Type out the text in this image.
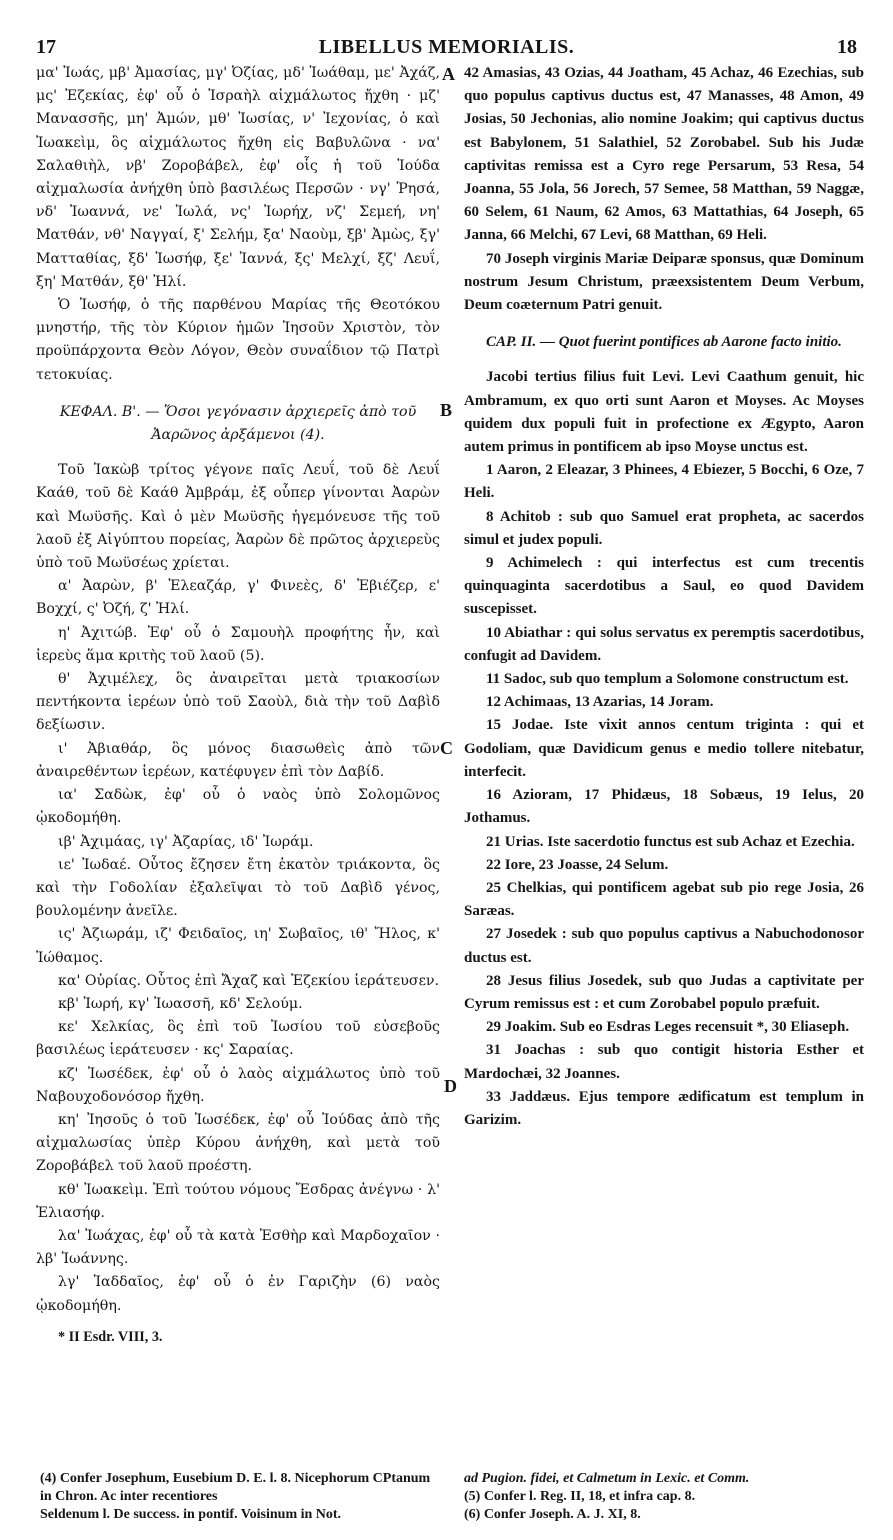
17	LIBELLUS MEMORIALIS.	18
A
B
C
D

μα' Ἰωάς, μβ' Ἀμασίας, μγ' Ὀζίας, μδ' Ἰωάθαμ, με' Ἀχάζ, μς' Ἐζεκίας, ἐφ' οὗ ὁ Ἰσραὴλ αἰχμάλωτος ἤχθη · μζ' Μανασσῆς, μη' Ἀμών, μθ' Ἰωσίας, ν' Ἰεχονίας, ὁ καὶ Ἰωακεὶμ, ὃς αἰχμάλωτος ἤχθη εἰς Βαβυλῶνα · να' Σαλαθιὴλ, νβ' Ζοροβάβελ, ἐφ' οἷς ἡ τοῦ Ἰούδα αἰχμαλωσία ἀνήχθη ὑπὸ βασιλέως Περσῶν · νγ' Ῥησά, νδ' Ἰωαννά, νε' Ἰωλά, νς' Ἰωρήχ, νζ' Σεμεή, νη' Ματθάν, νθ' Ναγγαί, ξ' Σελήμ, ξα' Ναοὺμ, ξβ' Ἀμὼς, ξγ' Ματταθίας, ξδ' Ἰωσήφ, ξε' Ἰαννά, ξς' Μελχί, ξζ' Λευΐ, ξη' Ματθάν, ξθ' Ἠλί.

Ὁ Ἰωσήφ, ὁ τῆς παρθένου Μαρίας τῆς Θεοτόκου μνηστήρ, τῆς τὸν Κύριον ἡμῶν Ἰησοῦν Χριστὸν, τὸν προϋπάρχοντα Θεὸν Λόγον, Θεὸν συναΐδιον τῷ Πατρὶ τετοκυίας.

ΚΕΦΑΛ. Β'. — Ὅσοι γεγόνασιν ἀρχιερεῖς ἀπὸ τοῦ Ἀαρῶνος ἀρξάμενοι (4).

Τοῦ Ἰακὼβ τρίτος γέγονε παῖς Λευΐ, τοῦ δὲ Λευΐ Καάθ, τοῦ δὲ Καάθ Ἀμβράμ, ἐξ οὗπερ γίνονται Ἀαρὼν καὶ Μωϋσῆς. Καὶ ὁ μὲν Μωϋσῆς ἡγεμόνευσε τῆς τοῦ λαοῦ ἐξ Αἰγύπτου πορείας, Ἀαρὼν δὲ πρῶτος ἀρχιερεὺς ὑπὸ τοῦ Μωϋσέως χρίεται.

α' Ἀαρὼν, β' Ἐλεαζάρ, γ' Φινεὲς, δ' Ἐβιέζερ, ε' Βοχχί, ς' Ὀζή, ζ' Ἠλί.

η' Ἀχιτώβ. Ἐφ' οὗ ὁ Σαμουὴλ προφήτης ἦν, καὶ ἱερεὺς ἅμα κριτὴς τοῦ λαοῦ (5).

θ' Ἀχιμέλεχ, ὃς ἀναιρεῖται μετὰ τριακοσίων πεντήκοντα ἱερέων ὑπὸ τοῦ Σαοὺλ, διὰ τὴν τοῦ Δαβὶδ δεξίωσιν.

ι' Ἀβιαθάρ, ὃς μόνος διασωθεὶς ἀπὸ τῶν ἀναιρεθέντων ἱερέων, κατέφυγεν ἐπὶ τὸν Δαβίδ.

ια' Σαδὼκ, ἐφ' οὗ ὁ ναὸς ὑπὸ Σολομῶνος ᾠκοδομήθη.

ιβ' Ἀχιμάας, ιγ' Ἀζαρίας, ιδ' Ἰωράμ.

ιε' Ἰωδαέ. Οὗτος ἔζησεν ἔτη ἑκατὸν τριάκοντα, ὃς καὶ τὴν Γοδολίαν ἐξαλεῖψαι τὸ τοῦ Δαβὶδ γένος, βουλομένην ἀνεῖλε.

ις' Ἀζιωράμ, ιζ' Φειδαῖος, ιη' Σωβαῖος, ιθ' Ἤλος, κ' Ἰώθαμος.

κα' Οὐρίας. Οὗτος ἐπὶ Ἄχαζ καὶ Ἐζεκίου ἱεράτευσεν.

κβ' Ἰωρή, κγ' Ἰωασσῆ, κδ' Σελούμ.

κε' Χελκίας, ὃς ἐπὶ τοῦ Ἰωσίου τοῦ εὐσεβοῦς βασιλέως ἱεράτευσεν · κς' Σαραίας.

κζ' Ἰωσέδεκ, ἐφ' οὗ ὁ λαὸς αἰχμάλωτος ὑπὸ τοῦ Ναβουχοδονόσορ ἤχθη.

κη' Ἰησοῦς ὁ τοῦ Ἰωσέδεκ, ἐφ' οὗ Ἰούδας ἀπὸ τῆς αἰχμαλωσίας ὑπὲρ Κύρου ἀνήχθη, καὶ μετὰ τοῦ Ζοροβάβελ τοῦ λαοῦ προέστη.

κθ' Ἰωακεὶμ. Ἐπὶ τούτου νόμους Ἔσδρας ἀνέγνω · λ' Ἐλιασήφ.

λα' Ἰωάχας, ἐφ' οὗ τὰ κατὰ Ἐσθὴρ καὶ Μαρδοχαῖον · λβ' Ἰωάννης.

λγ' Ἰαδδαῖος, ἐφ' οὗ ὁ ἐν Γαριζὴν (6) ναὸς ᾠκοδομήθη.

* II Esdr. VIII, 3.

42 Amasias, 43 Ozias, 44 Joatham, 45 Achaz, 46 Ezechias, sub quo populus captivus ductus est, 47 Manasses, 48 Amon, 49 Josias, 50 Jechonias, alio nomine Joakim; qui captivus ductus est Babylonem, 51 Salathiel, 52 Zorobabel. Sub his Judæ captivitas remissa est a Cyro rege Persarum, 53 Resa, 54 Joanna, 55 Jola, 56 Jorech, 57 Semee, 58 Matthan, 59 Naggæ, 60 Selem, 61 Naum, 62 Amos, 63 Mattathias, 64 Joseph, 65 Janna, 66 Melchi, 67 Levi, 68 Matthan, 69 Heli.

70 Joseph virginis Mariæ Deiparæ sponsus, quæ Dominum nostrum Jesum Christum, præexsistentem Deum Verbum, Deum coæternum Patri genuit.

CAP. II. — Quot fuerint pontifices ab Aarone facto initio.

Jacobi tertius filius fuit Levi. Levi Caathum genuit, hic Ambramum, ex quo orti sunt Aaron et Moyses. Ac Moyses quidem dux populi fuit in profectione ex Ægypto, Aaron autem primus in pontificem ab ipso Moyse unctus est.

1 Aaron, 2 Eleazar, 3 Phinees, 4 Ebiezer, 5 Bocchi, 6 Oze, 7 Heli.

8 Achitob : sub quo Samuel erat propheta, ac sacerdos simul et judex populi.

9 Achimelech : qui interfectus est cum trecentis quinquaginta sacerdotibus a Saul, eo quod Davidem suscepisset.

10 Abiathar : qui solus servatus ex peremptis sacerdotibus, confugit ad Davidem.

11 Sadoc, sub quo templum a Solomone constructum est.

12 Achimaas, 13 Azarias, 14 Joram.

15 Jodae. Iste vixit annos centum triginta : qui et Godoliam, quæ Davidicum genus e medio tollere nitebatur, interfecit.

16 Azioram, 17 Phidæus, 18 Sobæus, 19 Ielus, 20 Jothamus.

21 Urias. Iste sacerdotio functus est sub Achaz et Ezechia.

22 Iore, 23 Joasse, 24 Selum.

25 Chelkias, qui pontificem agebat sub pio rege Josia, 26 Saræas.

27 Josedek : sub quo populus captivus a Nabuchodonosor ductus est.

28 Jesus filius Josedek, sub quo Judas a captivitate per Cyrum remissus est : et cum Zorobabel populo præfuit.

29 Joakim. Sub eo Esdras Leges recensuit *, 30 Eliaseph.

31 Joachas : sub quo contigit historia Esther et Mardochæi, 32 Joannes.

33 Jaddæus. Ejus tempore ædificatum est templum in Garizim.

(4) Confer Josephum, Eusebium D. E. l. 8. Nicephorum CPtanum in Chron. Ac inter recentiores
Seldenum l. De success. in pontif. Voisinum in Not.
ad Pugion. fidei, et Calmetum in Lexic. et Comm.
(5) Confer l. Reg. II, 18, et infra cap. 8.
(6) Confer Joseph. A. J. XI, 8.
